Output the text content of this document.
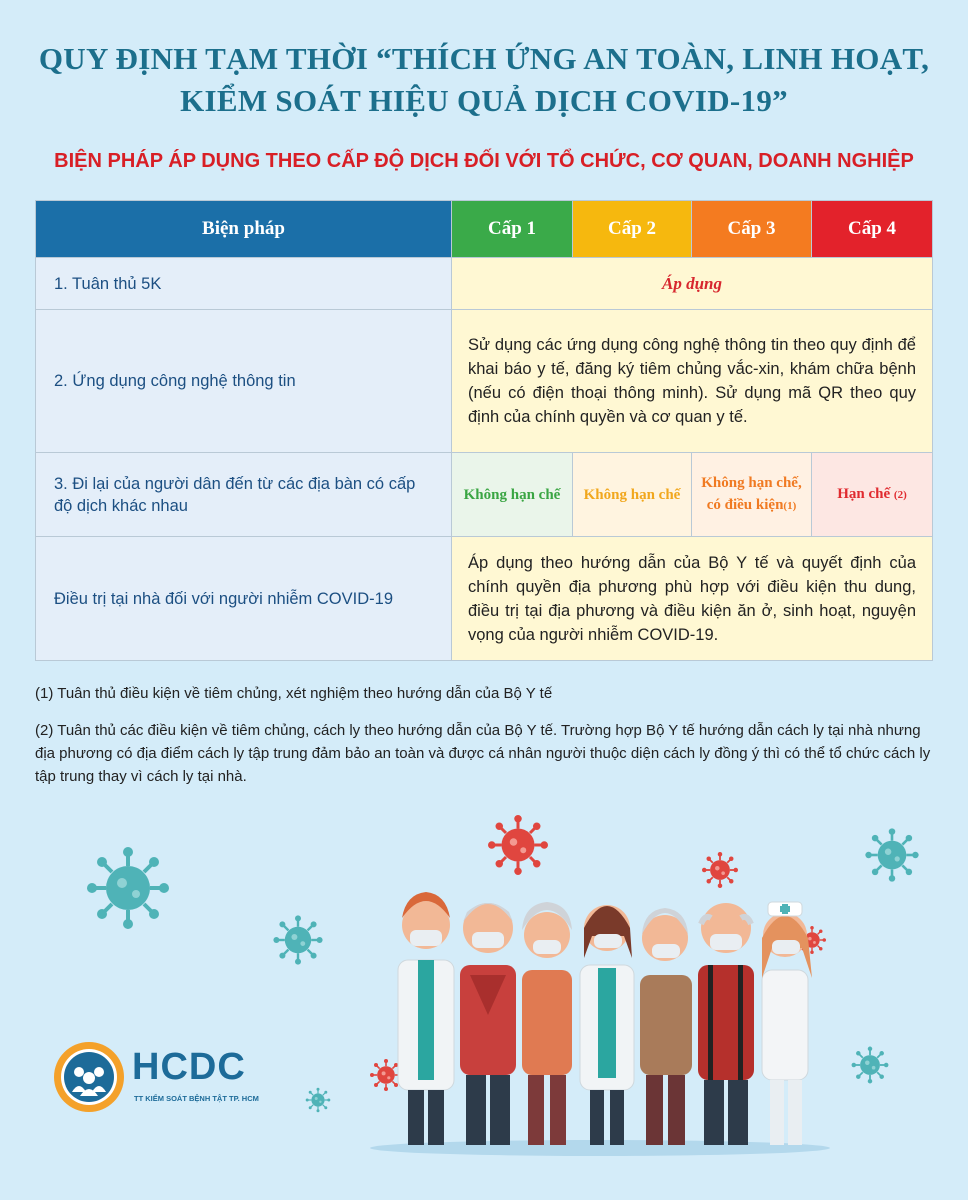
QUY ĐỊNH TẠM THỜI “THÍCH ỨNG AN TOÀN, LINH HOẠT,
KIỂM SOÁT HIỆU QUẢ DỊCH COVID-19”
BIỆN PHÁP ÁP DỤNG THEO CẤP ĐỘ DỊCH ĐỐI VỚI TỔ CHỨC, CƠ QUAN, DOANH NGHIỆP
Biện pháp	Cấp 1	Cấp 2	Cấp 3	Cấp 4
1. Tuân thủ 5K	Áp dụng			
2. Ứng dụng công nghệ thông tin	Sử dụng các ứng dụng công nghệ thông tin theo quy định để khai báo y tế, đăng ký tiêm chủng vắc-xin, khám chữa bệnh (nếu có điện thoại thông minh). Sử dụng mã QR theo quy định của chính quyền và cơ quan y tế.			
3. Đi lại của người dân đến từ các địa bàn có cấp độ dịch khác nhau	Không hạn chế	Không hạn chế	Không hạn chế, có điều kiện(1)	Hạn chế (2)
Điều trị tại nhà đối với người nhiễm COVID-19	Áp dụng theo hướng dẫn của Bộ Y tế và quyết định của chính quyền địa phương phù hợp với điều kiện thu dung, điều trị tại địa phương và điều kiện ăn ở, sinh hoạt, nguyện vọng của người nhiễm COVID-19.			

(1) Tuân thủ điều kiện về tiêm chủng, xét nghiệm theo hướng dẫn của Bộ Y tế

(2) Tuân thủ các điều kiện về tiêm chủng, cách ly theo hướng dẫn của Bộ Y tế. Trường hợp Bộ Y tế hướng dẫn cách ly tại nhà nhưng địa phương có địa điểm cách ly tập trung đảm bảo an toàn và được cá nhân người thuộc diện cách ly đồng ý thì có thể tổ chức cách ly tập trung thay vì cách ly tại nhà.

HCDC
TT KIỂM SOÁT BỆNH TẬT TP. HCM
